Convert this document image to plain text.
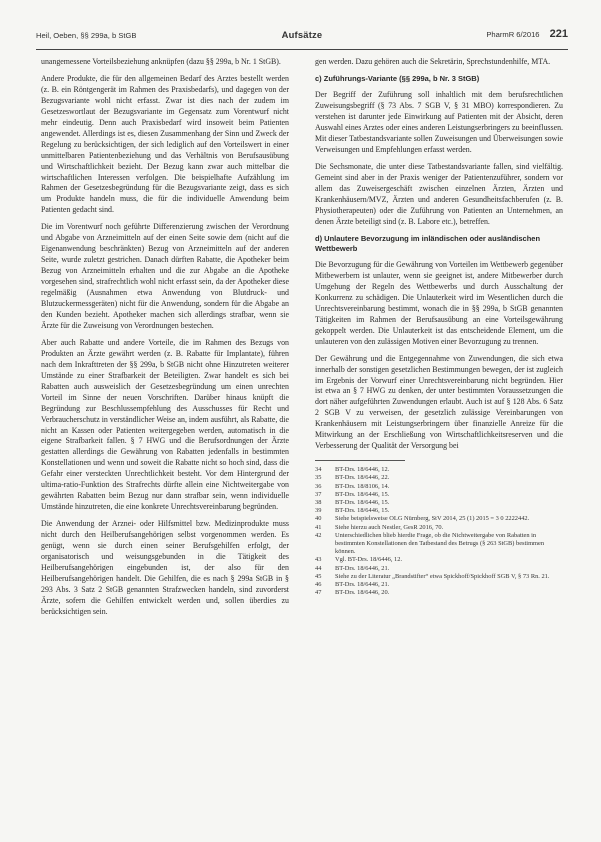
Heil, Oeben, §§ 299a, b StGB	Aufsätze	PharmR 6/2016 221

unangemessene Vorteilsbeziehung anknüpfen (dazu §§ 299a, b Nr. 1 StGB).

Andere Produkte, die für den allgemeinen Bedarf des Arztes bestellt werden (z. B. ein Röntgengerät im Rahmen des Praxisbedarfs), und dagegen von der Bezugsvariante wohl nicht erfasst. Zwar ist dies nach der zudem im Gesetzeswortlaut der Bezugsvariante im Gegensatz zum Vorentwurf nicht mehr eindeutig. Denn auch Praxisbedarf wird insoweit beim Patienten angewendet. Allerdings ist es, diesen Zusammenhang der Sinn und Zweck der Regelung zu berücksichtigen, der sich lediglich auf den Vorteilswert in einer unmittelbaren Patientenbeziehung und das Verhältnis von Berufsausübung und Wirtschaftlichkeit bezieht. Der Bezug kann zwar auch mittelbar die wirtschaftlichen Interessen verfolgen. Die beispielhafte Aufzählung im Rahmen der Gesetzesbegründung für die Bezugsvariante zeigt, dass es sich um Produkte handeln muss, die für die individuelle Anwendung beim Patienten gedacht sind.

Die im Vorentwurf noch geführte Differenzierung zwischen der Verordnung und Abgabe von Arzneimitteln auf der einen Seite sowie dem (nicht auf die Eigenanwendung beschränkten) Bezug von Arzneimitteln auf der anderen Seite, wurde zuletzt gestrichen. Danach dürften Rabatte, die Apotheker beim Bezug von Arzneimitteln erhalten und die zur Abgabe an die Apotheke vorgesehen sind, strafrechtlich wohl nicht erfasst sein, da der Apotheker diese regelmäßig (Ausnahmen etwa Anwendung von Blutdruck- und Blutzuckermessgeräten) nicht für die Anwendung, sondern für die Abgabe an den Kunden bezieht. Apotheker machen sich allerdings strafbar, wenn sie Ärzte für die Zuweisung von Verordnungen bestechen.

Aber auch Rabatte und andere Vorteile, die im Rahmen des Bezugs von Produkten an Ärzte gewährt werden (z. B. Rabatte für Implantate), führen nach dem Inkrafttreten der §§ 299a, b StGB nicht ohne Hinzutreten weiterer Umstände zu einer Strafbarkeit der Beteiligten. Zwar handelt es sich bei Rabatten auch ausweislich der Gesetzesbegründung um einen unrechten Vorteil im Sinne der neuen Vorschriften. Darüber hinaus knüpft die Begründung zur Beschlussempfehlung des Ausschusses für Recht und Verbraucherschutz in verständlicher Weise an, indem ausführt, als Rabatte, die nicht an Kassen oder Patienten weitergegeben werden, automatisch in die eigene Strafbarkeit fallen. § 7 HWG und die Berufsordnungen der Ärzte gestatten allerdings die Gewährung von Rabatten jedenfalls in bestimmten Konstellationen und wenn und soweit die Rabatte nicht so hoch sind, dass die Gefahr einer versteckten Unrechtlichkeit besteht. Vor dem Hintergrund der ultima-ratio-Funktion des Strafrechts dürfte allein eine Nichtweitergabe von gewährten Rabatten beim Bezug nur dann strafbar sein, wenn individuelle Umstände hinzutreten, die eine konkrete Unrechtsvereinbarung begründen.

Die Anwendung der Arznei- oder Hilfsmittel bzw. Medizinprodukte muss nicht durch den Heilberufsangehörigen selbst vorgenommen werden. Es genügt, wenn sie durch einen seiner Berufsgehilfen erfolgt, der organisatorisch und weisungsgebunden in die Tätigkeit des Heilberufsangehörigen eingebunden ist, der also für den Heilberufsangehörigen handelt. Die Gehilfen, die es nach § 299a StGB in § 293 Abs. 3 Satz 2 StGB genannten Strafzwecken handeln, sind zuvorderst Ärzte, sofern die Gehilfen entwickelt werden und, sollen überdies zu berücksichtigen sein.

gen werden. Dazu gehören auch die Sekretärin, Sprechstundenhilfe, MTA.

c) Zuführungs-Variante (§§ 299a, b Nr. 3 StGB)

Der Begriff der Zuführung soll inhaltlich mit dem berufsrechtlichen Zuweisungsbegriff (§ 73 Abs. 7 SGB V, § 31 MBO) korrespondieren. Zu verstehen ist darunter jede Einwirkung auf Patienten mit der Absicht, deren Auswahl eines Arztes oder eines anderen Leistungserbringers zu beeinflussen. Mit dieser Tatbestandsvariante sollen Zuweisungen und Überweisungen sowie Verweisungen und Empfehlungen erfasst werden.

Die Sechsmonate, die unter diese Tatbestandsvariante fallen, sind vielfältig. Gemeint sind aber in der Praxis weniger der Patientenzuführer, sondern vor allem das Zuweisergeschäft zwischen einzelnen Ärzten, Ärzten und Krankenhäusern/MVZ, Ärzten und anderen Gesundheitsfachberufen (z. B. Physiotherapeuten) oder die Zuführung von Patienten an Unternehmen, an denen Ärzte beteiligt sind (z. B. Labore etc.), betreffen.

d) Unlautere Bevorzugung im inländischen oder ausländischen Wettbewerb

Die Bevorzugung für die Gewährung von Vorteilen im Wettbewerb gegenüber Mitbewerbern ist unlauter, wenn sie geeignet ist, andere Mitbewerber durch Umgehung der Regeln des Wettbewerbs und durch Ausschaltung der Konkurrenz zu schädigen. Die Unlauterkeit wird im Wesentlichen durch die Unrechtsvereinbarung bestimmt, wonach die in §§ 299a, b StGB genannten Tätigkeiten im Rahmen der Berufsausübung an eine Vorteilsgewährung gekoppelt werden. Die Unlauterkeit ist das entscheidende Element, um die unlauteren von den zulässigen Motiven einer Bevorzugung zu trennen.

Der Gewährung und die Entgegennahme von Zuwendungen, die sich etwa innerhalb der sonstigen gesetzlichen Bestimmungen bewegen, der ist zugleich im Ergebnis der Vorwurf einer Unrechtsvereinbarung nicht begründen. Hier ist etwa an § 7 HWG zu denken, der unter bestimmten Voraussetzungen die dort näher aufgeführten Zuwendungen erlaubt. Auch ist auf § 128 Abs. 6 Satz 2 SGB V zu verweisen, der gesetzlich zulässige Vereinbarungen von Krankenhäusern mit Leistungserbringern über finanzielle Anreize für die Mitwirkung an der Erschließung von Wirtschaftlichkeitsreserven und die Verbesserung der Qualität der Versorgung bei

34	BT-Drs. 18/6446, 12.
35	BT-Drs. 18/6446, 22.
36	BT-Drs. 18/8106, 14.
37	BT-Drs. 18/6446, 15.
38	BT-Drs. 18/6446, 15.
39	BT-Drs. 18/6446, 15.
40	Siehe beispielsweise OLG Nürnberg, StV 2014, 25 (1) 2015 = 3 0 2222442.
41	Siehe hierzu auch Nestler, GesR 2016, 70.
42	Unterschiedlichen blieb hierdie Frage, ob die Nichtweitergabe von Rabatten in bestimmten Konstellationen den Tatbestand des Betrugs (§ 263 StGB) bestimmen können.
43	Vgl. BT-Drs. 18/6446, 12.
44	BT-Drs. 18/6446, 21.
45	Siehe zu der Literatur „Brandstifter“ etwa Spickhoff/Spickhoff SGB V, § 73 Rn. 21.
46	BT-Drs. 18/6446, 21.
47	BT-Drs. 18/6446, 20.
